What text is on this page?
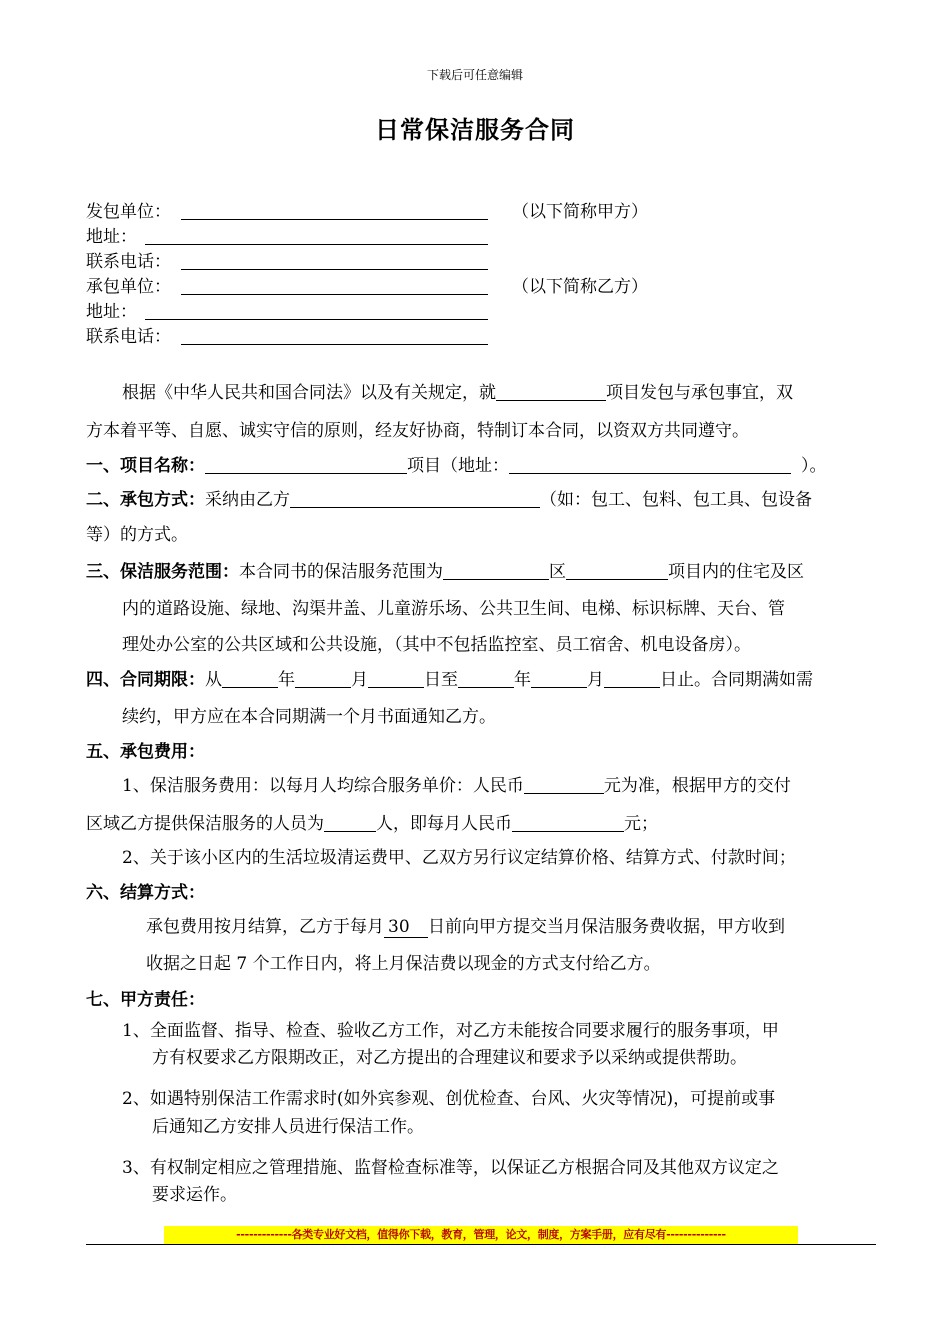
下载后可任意编辑
日常保洁服务合同
发包单位：	（以下简称甲方）
地址：
联系电话：
承包单位：	（以下简称乙方）
地址：
联系电话：
根据《中华人民共和国合同法》以及有关规定，就	项目发包与承包事宜，双
方本着平等、自愿、诚实守信的原则，经友好协商，特制订本合同，以资双方共同遵守。
一、项目名称：	项目（地址：	）。
二、承包方式：采纳由乙方	（如：包工、包料、包工具、包设备
等）的方式。
三、保洁服务范围：本合同书的保洁服务范围为	区	项目内的住宅及区
内的道路设施、绿地、沟渠井盖、儿童游乐场、公共卫生间、电梯、标识标牌、天台、管
理处办公室的公共区域和公共设施，（其中不包括监控室、员工宿舍、机电设备房）。
四、合同期限：从	年	月	日至	年	月	日止。合同期满如需
续约，甲方应在本合同期满一个月书面通知乙方。
五、承包费用：
1、保洁服务费用：以每月人均综合服务单价：人民币	元为准，根据甲方的交付
区域乙方提供保洁服务的人员为	人，即每月人民币	元；
2、关于该小区内的生活垃圾清运费甲、乙双方另行议定结算价格、结算方式、付款时间；
六、结算方式：
承包费用按月结算，乙方于每月 30 日前向甲方提交当月保洁服务费收据，甲方收到
收据之日起 7 个工作日内，将上月保洁费以现金的方式支付给乙方。
七、甲方责任：
1、全面监督、指导、检查、验收乙方工作，对乙方未能按合同要求履行的服务事项，甲
方有权要求乙方限期改正，对乙方提出的合理建议和要求予以采纳或提供帮助。
2、如遇特别保洁工作需求时(如外宾参观、创优检查、台风、火灾等情况)，可提前或事
后通知乙方安排人员进行保洁工作。
3、有权制定相应之管理措施、监督检查标准等，以保证乙方根据合同及其他双方议定之
要求运作。
-------------各类专业好文档，值得你下载，教育，管理，论文，制度，方案手册，应有尽有--------------
